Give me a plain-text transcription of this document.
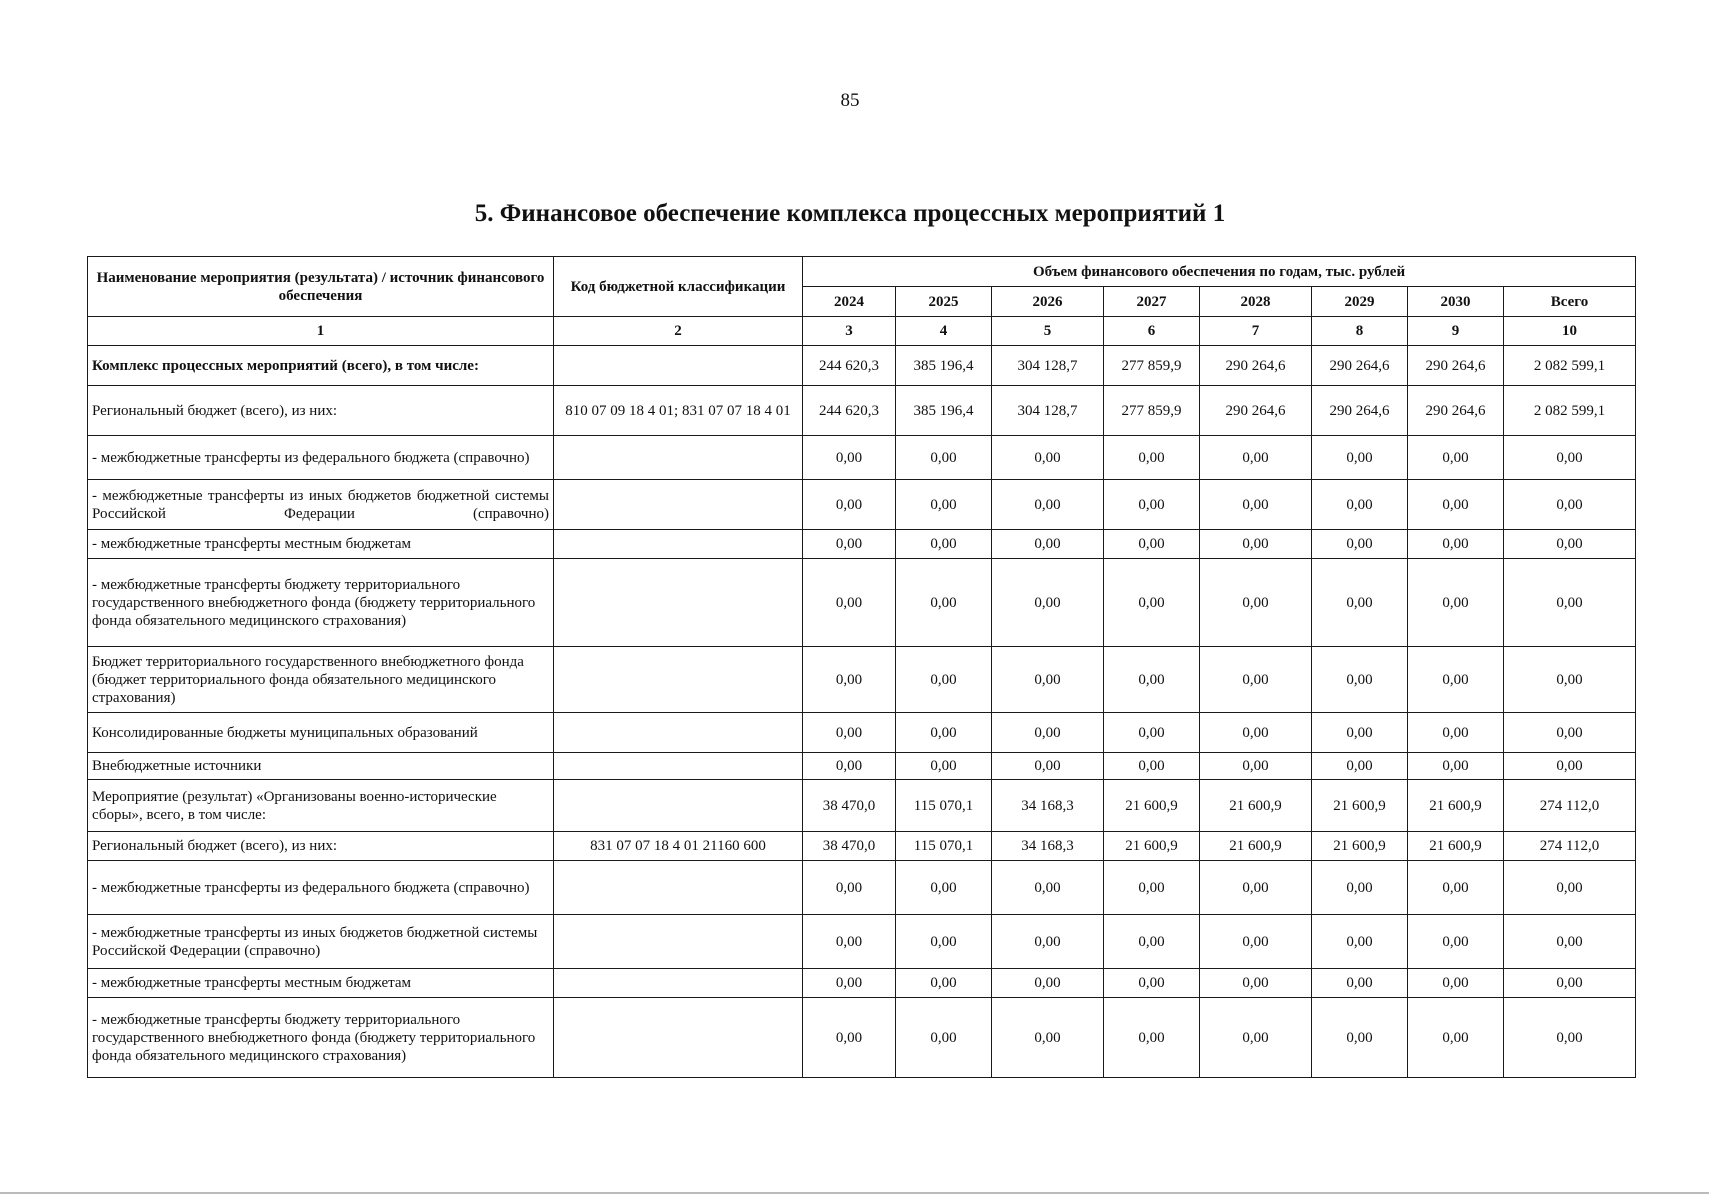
85
5. Финансовое обеспечение комплекса процессных мероприятий 1
Наименование мероприятия (результата) / источник финансового обеспечения	Код бюджетной классификации	Объем финансового обеспечения по годам, тыс. рублей							
		2024	2025	2026	2027	2028	2029	2030	Всего
1	2	3	4	5	6	7	8	9	10
Комплекс процессных мероприятий (всего), в том числе:		244 620,3	385 196,4	304 128,7	277 859,9	290 264,6	290 264,6	290 264,6	2 082 599,1
Региональный бюджет (всего), из них:	810 07 09 18 4 01; 831 07 07 18 4 01	244 620,3	385 196,4	304 128,7	277 859,9	290 264,6	290 264,6	290 264,6	2 082 599,1
- межбюджетные трансферты из федерального бюджета (справочно)		0,00	0,00	0,00	0,00	0,00	0,00	0,00	0,00
- межбюджетные трансферты из иных бюджетов бюджетной системы Российской Федерации (справочно)		0,00	0,00	0,00	0,00	0,00	0,00	0,00	0,00
- межбюджетные трансферты местным бюджетам		0,00	0,00	0,00	0,00	0,00	0,00	0,00	0,00
- межбюджетные трансферты бюджету территориального государственного внебюджетного фонда (бюджету территориального фонда обязательного медицинского страхования)		0,00	0,00	0,00	0,00	0,00	0,00	0,00	0,00
Бюджет территориального государственного внебюджетного фонда (бюджет территориального фонда обязательного медицинского страхования)		0,00	0,00	0,00	0,00	0,00	0,00	0,00	0,00
Консолидированные бюджеты муниципальных образований		0,00	0,00	0,00	0,00	0,00	0,00	0,00	0,00
Внебюджетные источники		0,00	0,00	0,00	0,00	0,00	0,00	0,00	0,00
Мероприятие (результат) «Организованы военно-исторические сборы», всего, в том числе:		38 470,0	115 070,1	34 168,3	21 600,9	21 600,9	21 600,9	21 600,9	274 112,0
Региональный бюджет (всего), из них:	831 07 07 18 4 01 21160 600	38 470,0	115 070,1	34 168,3	21 600,9	21 600,9	21 600,9	21 600,9	274 112,0
- межбюджетные трансферты из федерального бюджета (справочно)		0,00	0,00	0,00	0,00	0,00	0,00	0,00	0,00
- межбюджетные трансферты из иных бюджетов бюджетной системы Российской Федерации (справочно)		0,00	0,00	0,00	0,00	0,00	0,00	0,00	0,00
- межбюджетные трансферты местным бюджетам		0,00	0,00	0,00	0,00	0,00	0,00	0,00	0,00
- межбюджетные трансферты бюджету территориального государственного внебюджетного фонда (бюджету территориального фонда обязательного медицинского страхования)		0,00	0,00	0,00	0,00	0,00	0,00	0,00	0,00
